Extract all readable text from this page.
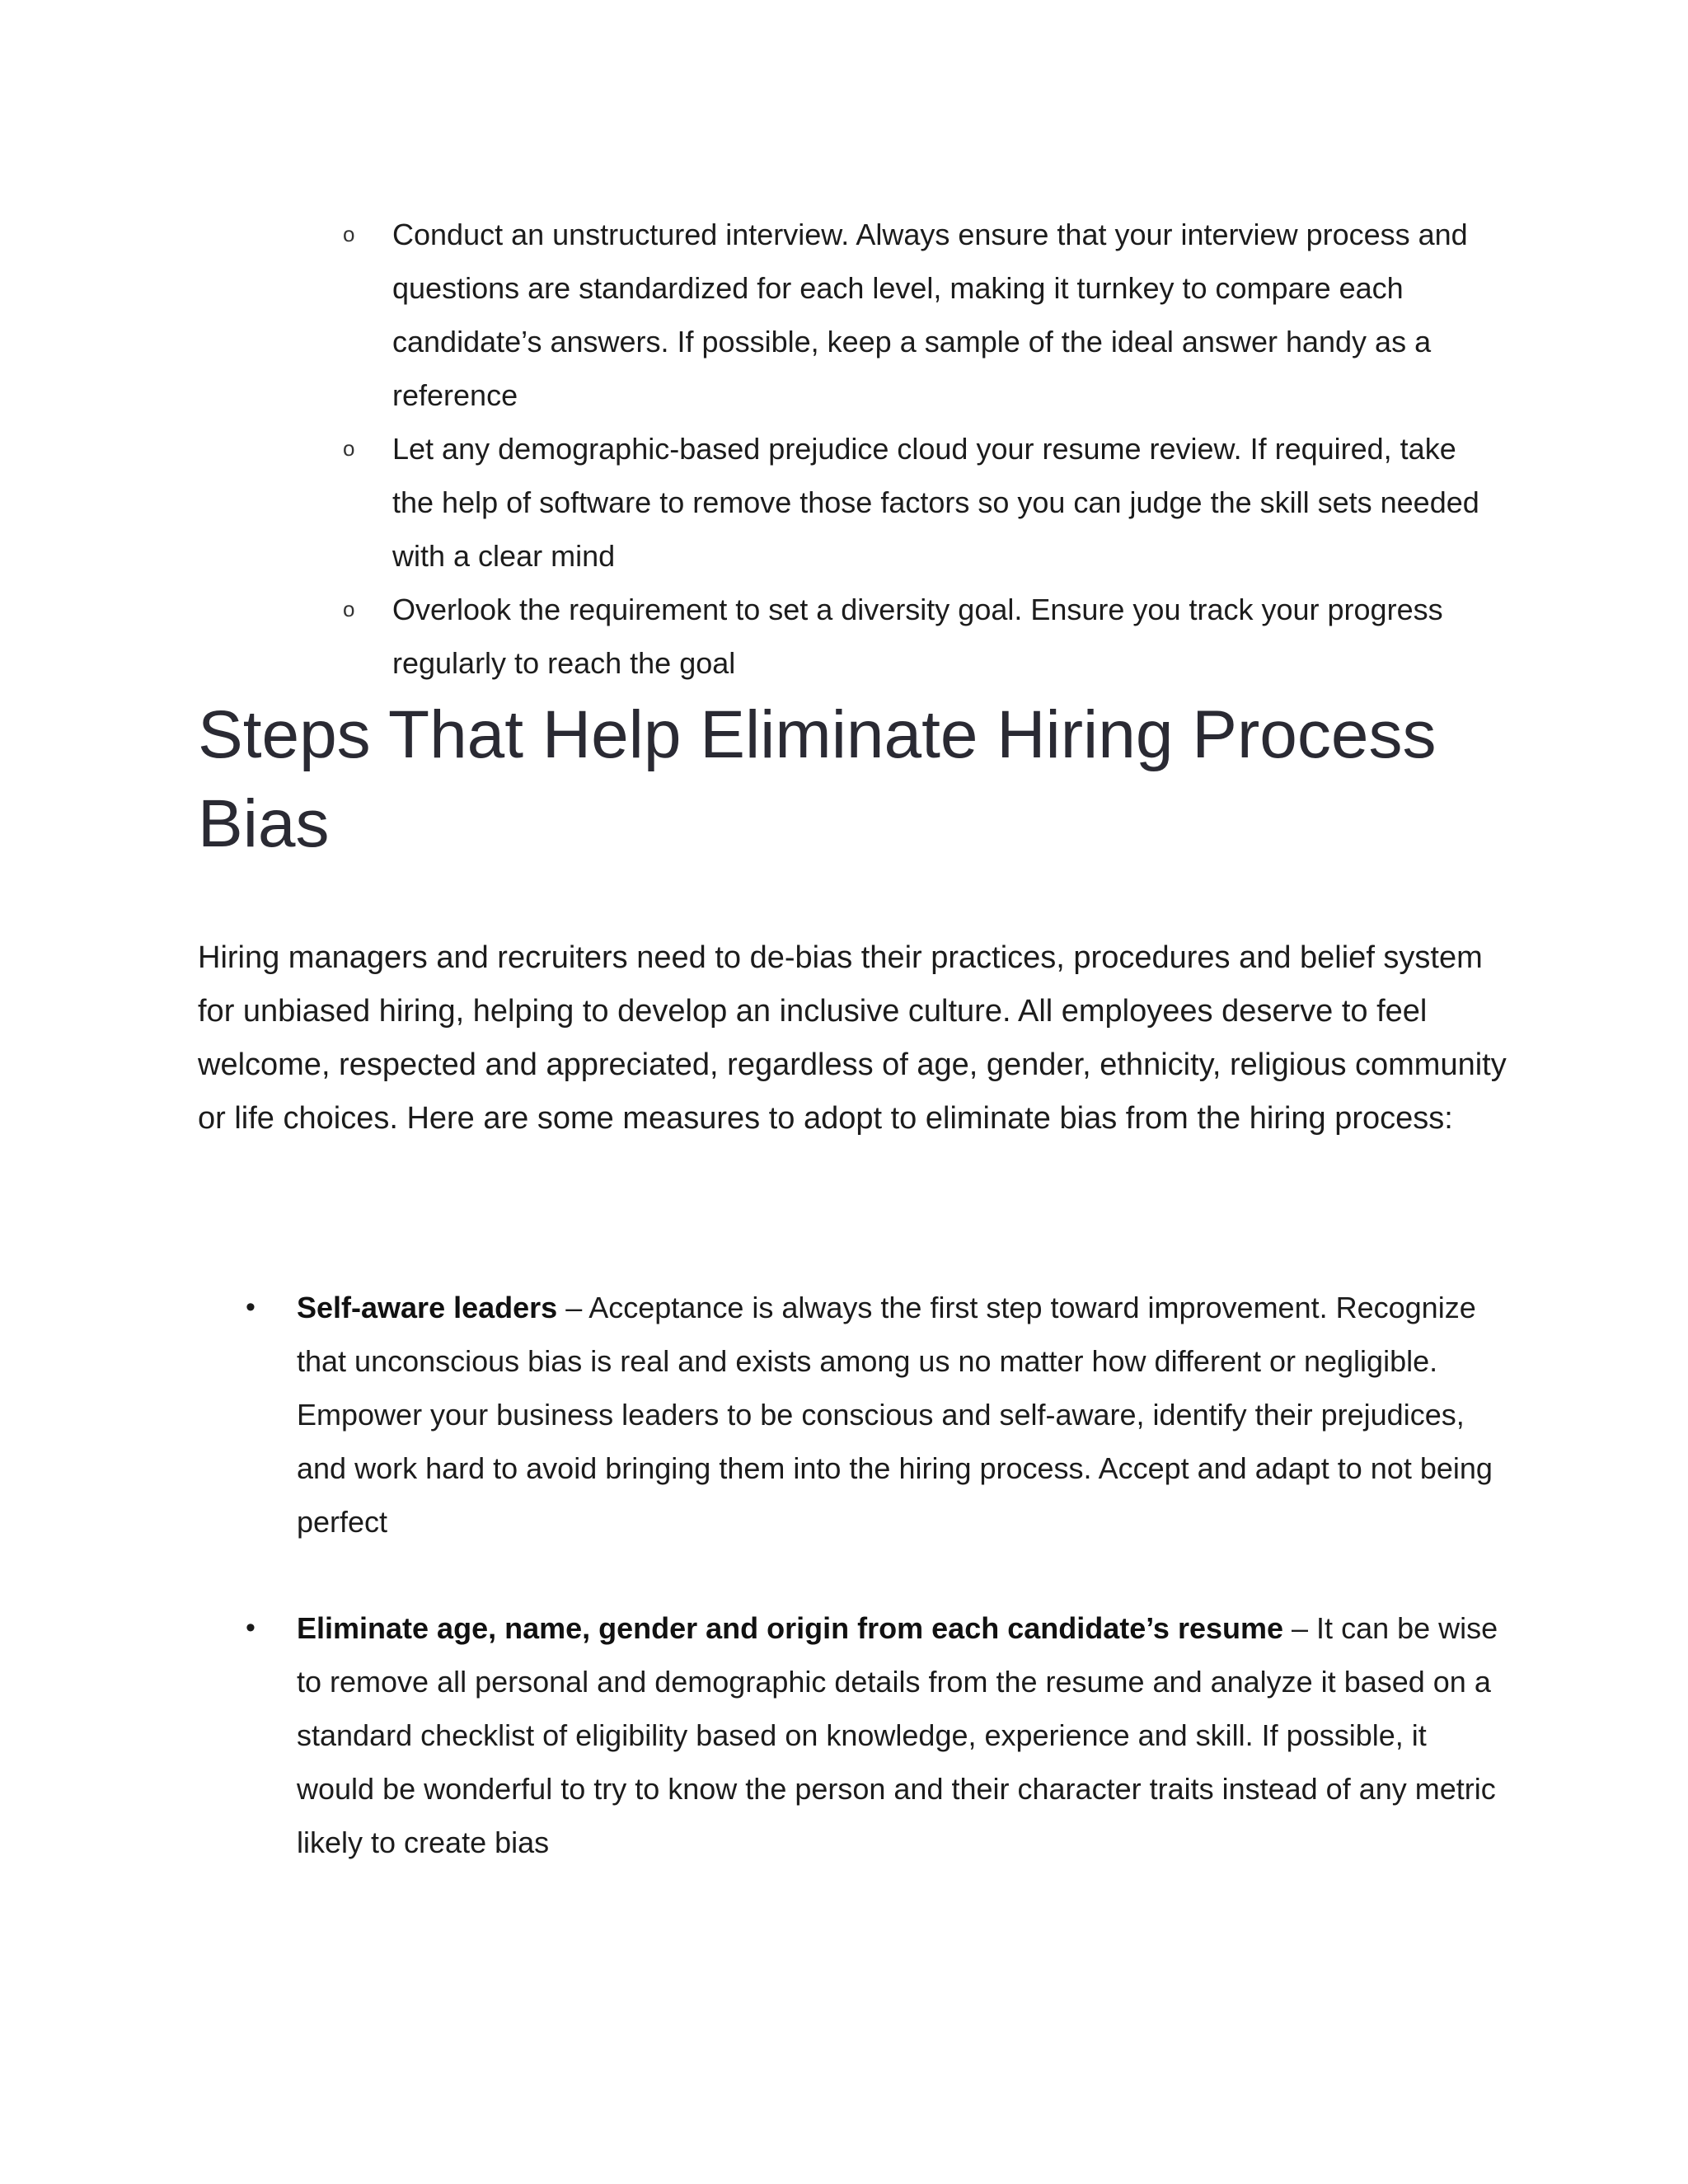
o	Conduct an unstructured interview. Always ensure that your interview process and questions are standardized for each level, making it turnkey to compare each candidate’s answers. If possible, keep a sample of the ideal answer handy as a reference
o	Let any demographic-based prejudice cloud your resume review. If required, take the help of software to remove those factors so you can judge the skill sets needed with a clear mind
o	Overlook the requirement to set a diversity goal. Ensure you track your progress regularly to reach the goal
Steps That Help Eliminate Hiring Process Bias

Hiring managers and recruiters need to de-bias their practices, procedures and belief system for unbiased hiring, helping to develop an inclusive culture. All employees deserve to feel welcome, respected and appreciated, regardless of age, gender, ethnicity, religious community or life choices. Here are some measures to adopt to eliminate bias from the hiring process:

•	Self-aware leaders – Acceptance is always the first step toward improvement. Recognize that unconscious bias is real and exists among us no matter how different or negligible. Empower your business leaders to be conscious and self-aware, identify their prejudices, and work hard to avoid bringing them into the hiring process. Accept and adapt to not being perfect
•	Eliminate age, name, gender and origin from each candidate’s resume – It can be wise to remove all personal and demographic details from the resume and analyze it based on a standard checklist of eligibility based on knowledge, experience and skill. If possible, it would be wonderful to try to know the person and their character traits instead of any metric likely to create bias
